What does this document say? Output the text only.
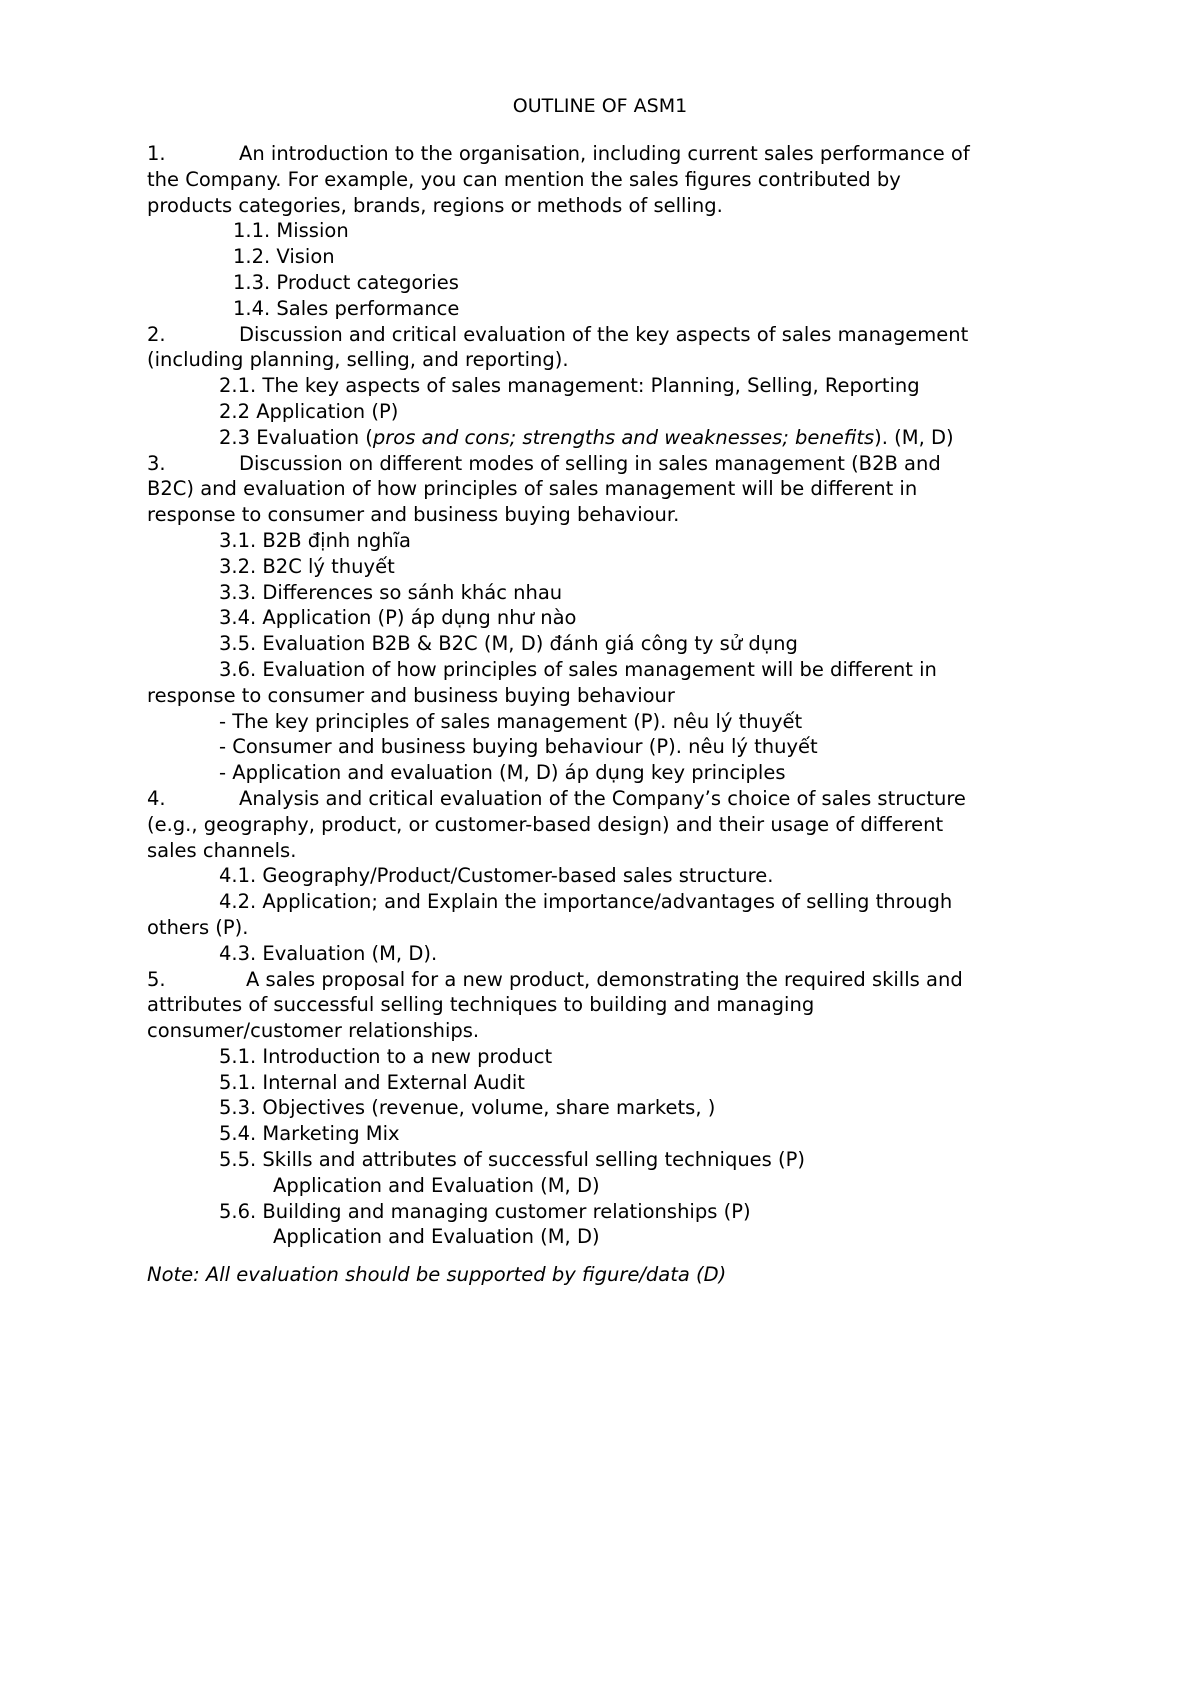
OUTLINE OF ASM1
1.	An introduction to the organisation, including current sales performance of
the Company. For example, you can mention the sales figures contributed by
products categories, brands, regions or methods of selling.
1.1. Mission
1.2. Vision
1.3. Product categories
1.4. Sales performance
2.	Discussion and critical evaluation of the key aspects of sales management
(including planning, selling, and reporting).
2.1. The key aspects of sales management: Planning, Selling, Reporting
2.2 Application (P)
2.3 Evaluation (pros and cons; strengths and weaknesses; benefits). (M, D)
3.	Discussion on different modes of selling in sales management (B2B and
B2C) and evaluation of how principles of sales management will be different in
response to consumer and business buying behaviour.
3.1. B2B định nghĩa
3.2. B2C lý thuyết
3.3. Differences so sánh khác nhau
3.4. Application (P) áp dụng như nào
3.5. Evaluation B2B & B2C (M, D) đánh giá công ty sử dụng
3.6. Evaluation of how principles of sales management will be different in
response to consumer and business buying behaviour
- The key principles of sales management (P). nêu lý thuyết
- Consumer and business buying behaviour (P). nêu lý thuyết
- Application and evaluation (M, D) áp dụng key principles
4.	Analysis and critical evaluation of the Company’s choice of sales structure
(e.g., geography, product, or customer-based design) and their usage of different
sales channels.
4.1. Geography/Product/Customer-based sales structure.
4.2. Application; and Explain the importance/advantages of selling through
others (P).
4.3. Evaluation (M, D).
5.	A sales proposal for a new product, demonstrating the required skills and
attributes of successful selling techniques to building and managing
consumer/customer relationships.
5.1. Introduction to a new product
5.1. Internal and External Audit
5.3. Objectives (revenue, volume, share markets, )
5.4. Marketing Mix
5.5. Skills and attributes of successful selling techniques (P)
Application and Evaluation (M, D)
5.6. Building and managing customer relationships (P)
Application and Evaluation (M, D)
Note: All evaluation should be supported by figure/data (D)
